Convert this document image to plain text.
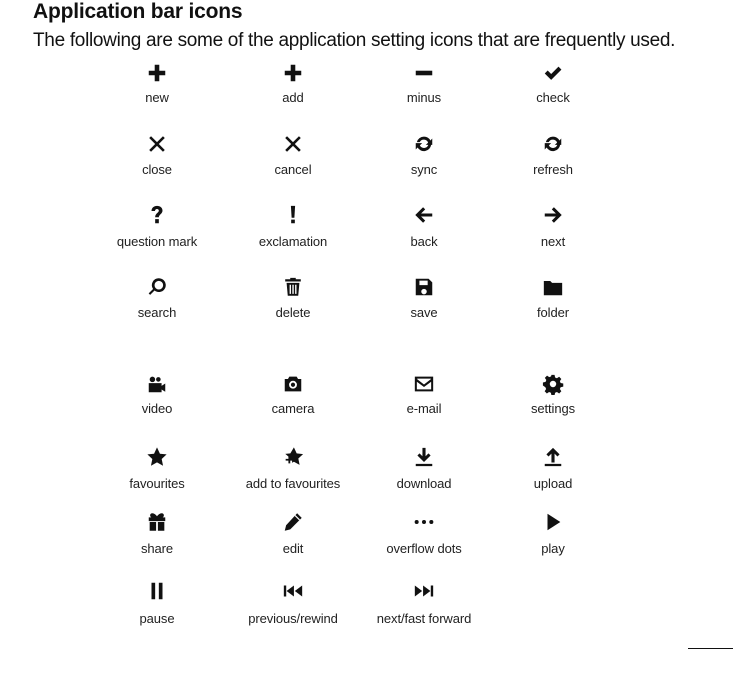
Application bar icons
The following are some of the application setting icons that are frequently used.
new	add	minus	check
close	cancel	sync	refresh
question mark	exclamation	back	next
search	delete	save	folder
video	camera	e-mail	settings
favourites	add to favourites	download	upload
share	edit	overflow dots	play
pause	previous/rewind	next/fast forward
